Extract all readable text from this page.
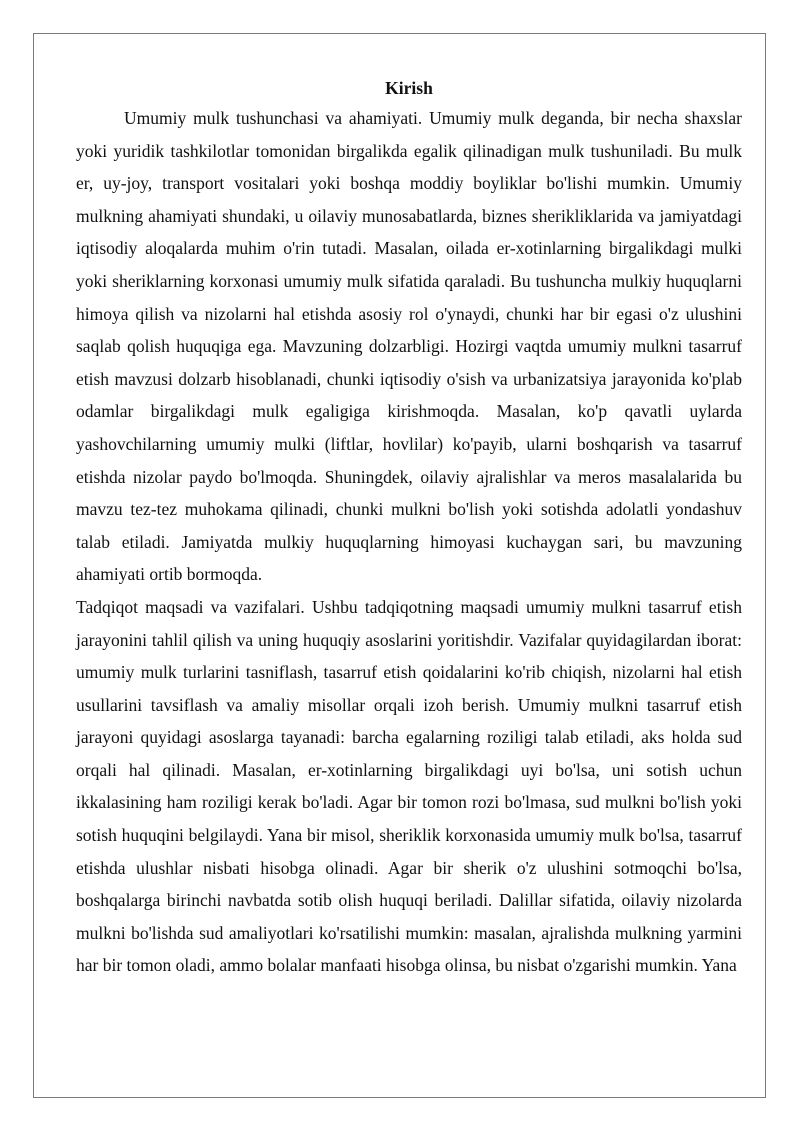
Kirish

Umumiy mulk tushunchasi va ahamiyati. Umumiy mulk deganda, bir necha shaxslar yoki yuridik tashkilotlar tomonidan birgalikda egalik qilinadigan mulk tushuniladi. Bu mulk er, uy-joy, transport vositalari yoki boshqa moddiy boyliklar bo'lishi mumkin. Umumiy mulkning ahamiyati shundaki, u oilaviy munosabatlarda, biznes sherikliklarida va jamiyatdagi iqtisodiy aloqalarda muhim o'rin tutadi. Masalan, oilada er-xotinlarning birgalikdagi mulki yoki sheriklarning korxonasi umumiy mulk sifatida qaraladi. Bu tushuncha mulkiy huquqlarni himoya qilish va nizolarni hal etishda asosiy rol o'ynaydi, chunki har bir egasi o'z ulushini saqlab qolish huquqiga ega. Mavzuning dolzarbligi. Hozirgi vaqtda umumiy mulkni tasarruf etish mavzusi dolzarb hisoblanadi, chunki iqtisodiy o'sish va urbanizatsiya jarayonida ko'plab odamlar birgalikdagi mulk egaligiga kirishmoqda. Masalan, ko'p qavatli uylarda yashovchilarning umumiy mulki (liftlar, hovlilar) ko'payib, ularni boshqarish va tasarruf etishda nizolar paydo bo'lmoqda. Shuningdek, oilaviy ajralishlar va meros masalalarida bu mavzu tez-tez muhokama qilinadi, chunki mulkni bo'lish yoki sotishda adolatli yondashuv talab etiladi. Jamiyatda mulkiy huquqlarning himoyasi kuchaygan sari, bu mavzuning ahamiyati ortib bormoqda.

Tadqiqot maqsadi va vazifalari. Ushbu tadqiqotning maqsadi umumiy mulkni tasarruf etish jarayonini tahlil qilish va uning huquqiy asoslarini yoritishdir. Vazifalar quyidagilardan iborat: umumiy mulk turlarini tasniflash, tasarruf etish qoidalarini ko'rib chiqish, nizolarni hal etish usullarini tavsiflash va amaliy misollar orqali izoh berish. Umumiy mulkni tasarruf etish jarayoni quyidagi asoslarga tayanadi: barcha egalarning roziligi talab etiladi, aks holda sud orqali hal qilinadi. Masalan, er-xotinlarning birgalikdagi uyi bo'lsa, uni sotish uchun ikkalasining ham roziligi kerak bo'ladi. Agar bir tomon rozi bo'lmasa, sud mulkni bo'lish yoki sotish huquqini belgilaydi. Yana bir misol, sheriklik korxonasida umumiy mulk bo'lsa, tasarruf etishda ulushlar nisbati hisobga olinadi. Agar bir sherik o'z ulushini sotmoqchi bo'lsa, boshqalarga birinchi navbatda sotib olish huquqi beriladi. Dalillar sifatida, oilaviy nizolarda mulkni bo'lishda sud amaliyotlari ko'rsatilishi mumkin: masalan, ajralishda mulkning yarmini har bir tomon oladi, ammo bolalar manfaati hisobga olinsa, bu nisbat o'zgarishi mumkin. Yana
